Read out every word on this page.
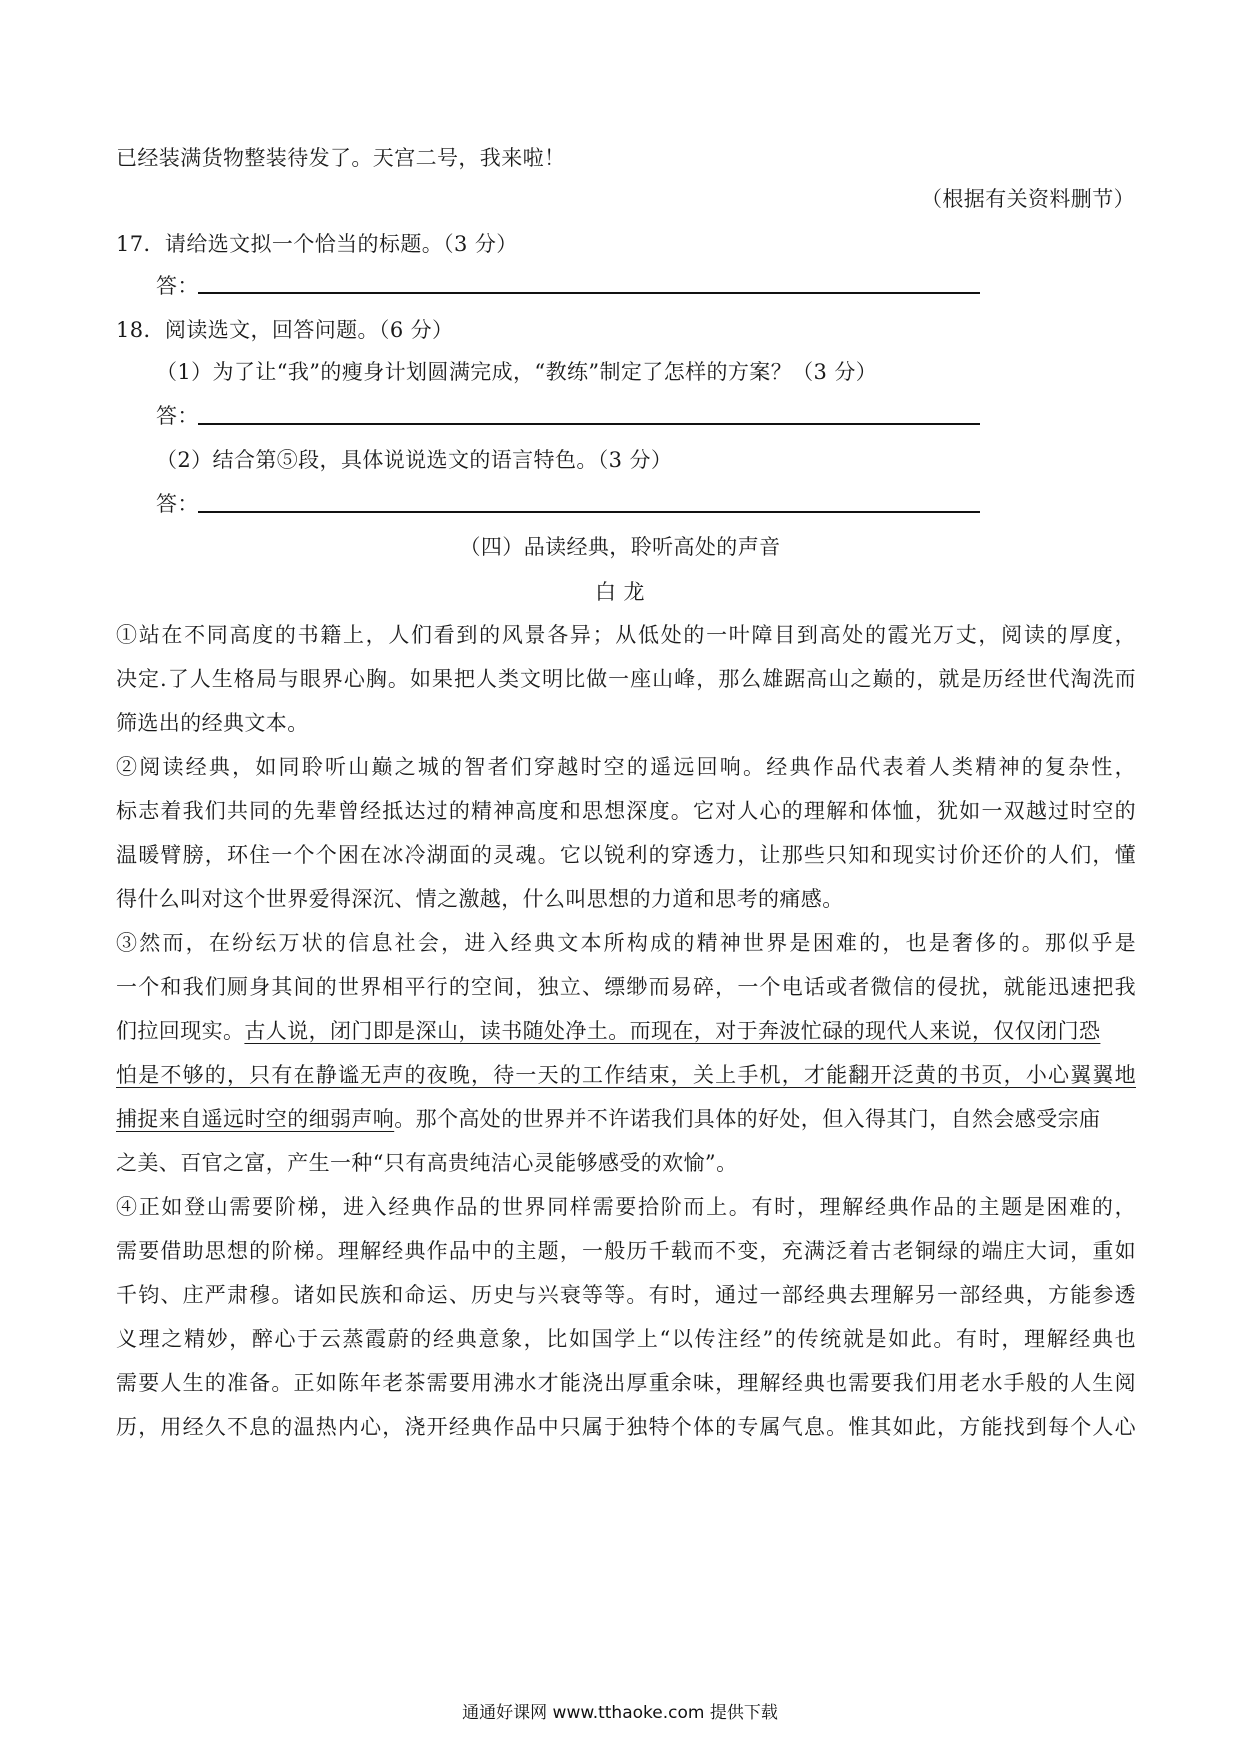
已经装满货物整装待发了。天宫二号，我来啦！
（根据有关资料删节）
17．请给选文拟一个恰当的标题。（3 分）
答：
18．阅读选文，回答问题。（6 分）
（1）为了让“我”的瘦身计划圆满完成，“教练”制定了怎样的方案？（3 分）
答：
（2）结合第⑤段，具体说说选文的语言特色。（3 分）
答：
（四）品读经典，聆听高处的声音
白 龙
①站在不同高度的书籍上，人们看到的风景各异；从低处的一叶障目到高处的霞光万丈，阅读的厚度，
决定.了人生格局与眼界心胸。如果把人类文明比做一座山峰，那么雄踞高山之巅的，就是历经世代淘洗而
筛选出的经典文本。
②阅读经典，如同聆听山巅之城的智者们穿越时空的遥远回响。经典作品代表着人类精神的复杂性，
标志着我们共同的先辈曾经抵达过的精神高度和思想深度。它对人心的理解和体恤，犹如一双越过时空的
温暖臂膀，环住一个个困在冰冷湖面的灵魂。它以锐利的穿透力，让那些只知和现实讨价还价的人们，懂
得什么叫对这个世界爱得深沉、情之激越，什么叫思想的力道和思考的痛感。
③然而，在纷纭万状的信息社会，进入经典文本所构成的精神世界是困难的，也是奢侈的。那似乎是
一个和我们厕身其间的世界相平行的空间，独立、缥缈而易碎，一个电话或者微信的侵扰，就能迅速把我
们拉回现实。古人说，闭门即是深山，读书随处净土。而现在，对于奔波忙碌的现代人来说，仅仅闭门恐
怕是不够的，只有在静谧无声的夜晚，待一天的工作结束，关上手机，才能翻开泛黄的书页，小心翼翼地
捕捉来自遥远时空的细弱声响。那个高处的世界并不许诺我们具体的好处，但入得其门，自然会感受宗庙
之美、百官之富，产生一种“只有高贵纯洁心灵能够感受的欢愉”。
④正如登山需要阶梯，进入经典作品的世界同样需要拾阶而上。有时，理解经典作品的主题是困难的，
需要借助思想的阶梯。理解经典作品中的主题，一般历千载而不变，充满泛着古老铜绿的端庄大词，重如
千钧、庄严肃穆。诸如民族和命运、历史与兴衰等等。有时，通过一部经典去理解另一部经典，方能参透
义理之精妙，醉心于云蒸霞蔚的经典意象，比如国学上“以传注经”的传统就是如此。有时，理解经典也
需要人生的准备。正如陈年老茶需要用沸水才能浇出厚重余味，理解经典也需要我们用老水手般的人生阅
历，用经久不息的温热内心，浇开经典作品中只属于独特个体的专属气息。惟其如此，方能找到每个人心
通通好课网 www.tthaoke.com 提供下载
